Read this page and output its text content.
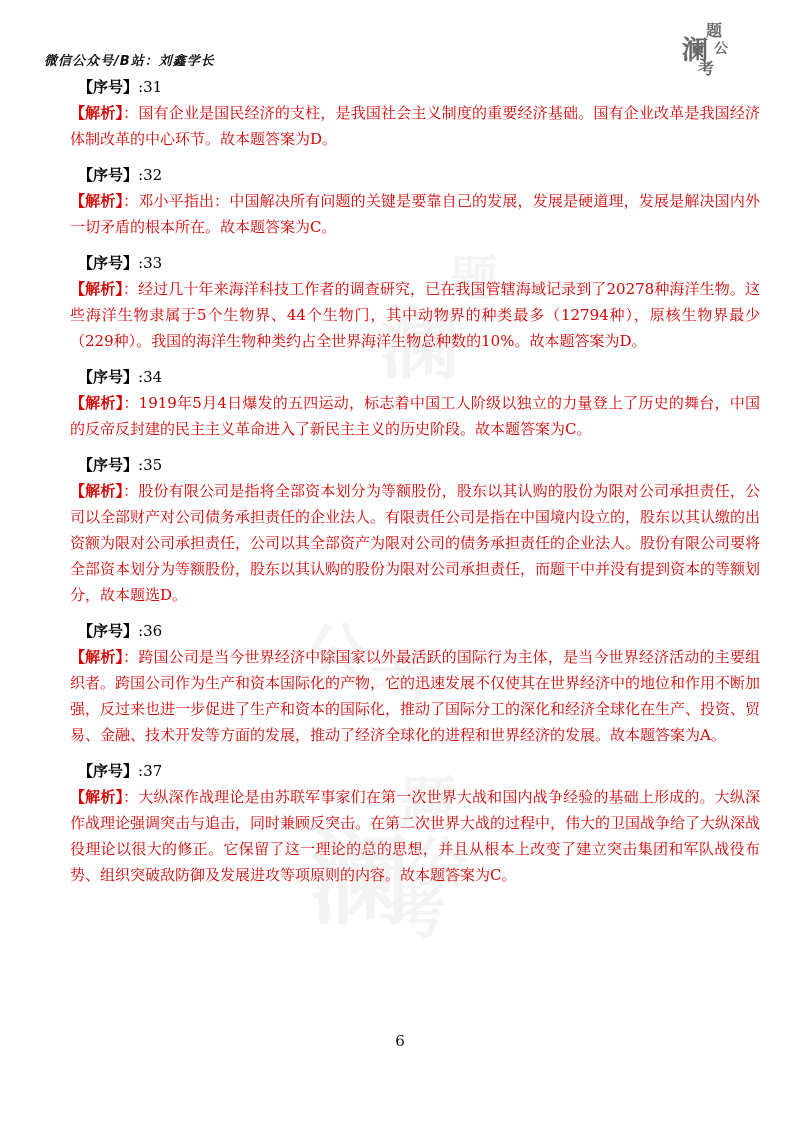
微信公众号/B站：刘鑫学长	澜
题
公
考
【序号】:31
【解析】：国有企业是国民经济的支柱，是我国社会主义制度的重要经济基础。国有企业改革是我国经济体制改革的中心环节。故本题答案为D。
【序号】:32
【解析】：邓小平指出：中国解决所有问题的关键是要靠自己的发展，发展是硬道理，发展是解决国内外一切矛盾的根本所在。故本题答案为C。
【序号】:33
【解析】：经过几十年来海洋科技工作者的调查研究，已在我国管辖海域记录到了20278种海洋生物。这些海洋生物隶属于5个生物界、44个生物门，其中动物界的种类最多（12794种），原核生物界最少（229种）。我国的海洋生物种类约占全世界海洋生物总种数的10%。故本题答案为D。
【序号】:34
【解析】：1919年5月4日爆发的五四运动，标志着中国工人阶级以独立的力量登上了历史的舞台，中国的反帝反封建的民主主义革命进入了新民主主义的历史阶段。故本题答案为C。
【序号】:35
【解析】：股份有限公司是指将全部资本划分为等额股份，股东以其认购的股份为限对公司承担责任，公司以全部财产对公司债务承担责任的企业法人。有限责任公司是指在中国境内设立的，股东以其认缴的出资额为限对公司承担责任，公司以其全部资产为限对公司的债务承担责任的企业法人。股份有限公司要将全部资本划分为等额股份，股东以其认购的股份为限对公司承担责任，而题干中并没有提到资本的等额划分，故本题选D。
【序号】:36
【解析】：跨国公司是当今世界经济中除国家以外最活跃的国际行为主体，是当今世界经济活动的主要组织者。跨国公司作为生产和资本国际化的产物，它的迅速发展不仅使其在世界经济中的地位和作用不断加强，反过来也进一步促进了生产和资本的国际化，推动了国际分工的深化和经济全球化在生产、投资、贸易、金融、技术开发等方面的发展，推动了经济全球化的进程和世界经济的发展。故本题答案为A。
【序号】:37
【解析】：大纵深作战理论是由苏联军事家们在第一次世界大战和国内战争经验的基础上形成的。大纵深作战理论强调突击与追击，同时兼顾反突击。在第二次世界大战的过程中，伟大的卫国战争给了大纵深战役理论以很大的修正。它保留了这一理论的总的思想，并且从根本上改变了建立突击集团和军队战役布势、组织突破敌防御及发展进攻等项原则的内容。故本题答案为C。
6
